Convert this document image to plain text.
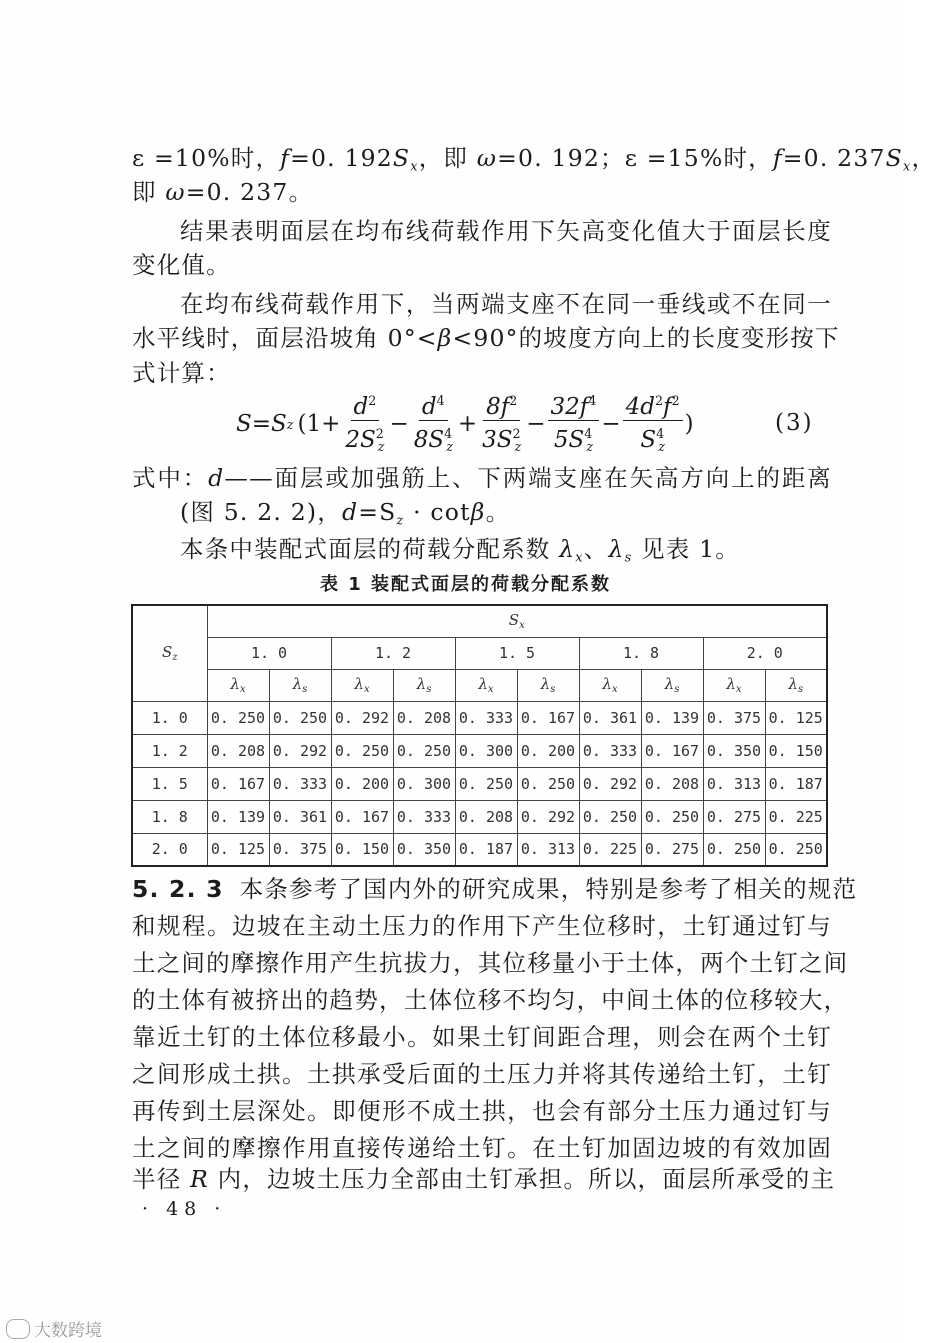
ε =10%时，f=0. $192S_x$，即 ω=0. 192；ε =15%时，f=0. $237S_x$，
即 ω=0. 237。
结果表明面层在均布线荷载作用下矢高变化值大于面层长度
变化值。
在均布线荷载作用下，当两端支座不在同一垂线或不在同一
水平线时，面层沿坡角 0°<β<90°的坡度方向上的长度变形按下
式计算：
S=S z ($1+ \frac{d^2}{2S^2_z} - \frac{d^4}{8S^4_z} + \frac{8f^2}{3S^2_z} - \frac{32f^4}{5S^4_z} - \frac{4d^2f^2}{S^4_z}$ )	(3)
式中：d——面层或加强筋上、下两端支座在矢高方向上的距离
(图 5. 2. 2)，$d=S_z \cdot \cot\beta$。
本条中装配式面层的荷载分配系数 $\lambda_x$、$\lambda_s$ 见表 1。
表 1 装配式面层的荷载分配系数
$S_z$	$S_x$
	1. 0		1. 2		1. 5		1. 8		2. 0	
	$\lambda_x$	$\lambda_s$	$\lambda_x$	$\lambda_s$	$\lambda_x$	$\lambda_s$	$\lambda_x$	$\lambda_s$	$\lambda_x$	$\lambda_s$
1. 0	0. 250	0. 250	0. 292	0. 208	0. 333	0. 167	0. 361	0. 139	0. 375	0. 125
1. 2	0. 208	0. 292	0. 250	0. 250	0. 300	0. 200	0. 333	0. 167	0. 350	0. 150
1. 5	0. 167	0. 333	0. 200	0. 300	0. 250	0. 250	0. 292	0. 208	0. 313	0. 187
1. 8	0. 139	0. 361	0. 167	0. 333	0. 208	0. 292	0. 250	0. 250	0. 275	0. 225
2. 0	0. 125	0. 375	0. 150	0. 350	0. 187	0. 313	0. 225	0. 275	0. 250	0. 250
5. 2. 3 本条参考了国内外的研究成果，特别是参考了相关的规范
和规程。边坡在主动土压力的作用下产生位移时，土钉通过钉与
土之间的摩擦作用产生抗拔力，其位移量小于土体，两个土钉之间
的土体有被挤出的趋势，土体位移不均匀，中间土体的位移较大，
靠近土钉的土体位移最小。如果土钉间距合理，则会在两个土钉
之间形成土拱。土拱承受后面的土压力并将其传递给土钉，土钉
再传到土层深处。即便形不成土拱，也会有部分土压力通过钉与
土之间的摩擦作用直接传递给土钉。在土钉加固边坡的有效加固
半径 R 内，边坡土压力全部由土钉承担。所以，面层所承受的主
· 48 ·
大数跨境
